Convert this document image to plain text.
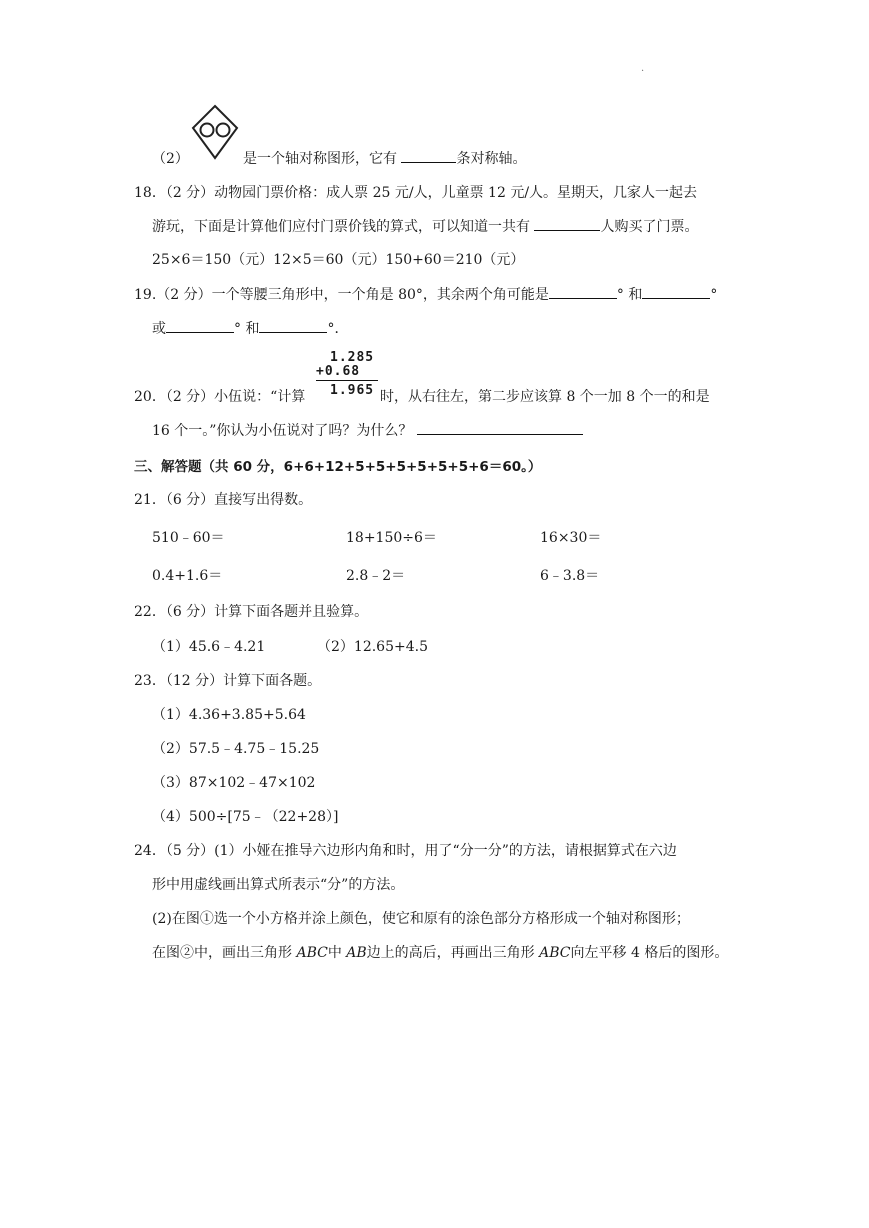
·
（2）	是一个轴对称图形，它有	条对称轴。
18．（2 分）动物园门票价格：成人票 25 元/人，儿童票 12 元/人。星期天，几家人一起去
游玩，下面是计算他们应付门票价钱的算式，可以知道一共有	人购买了门票。
25×6＝150（元）12×5＝60（元）150+60＝210（元）
19.（2 分）一个等腰三角形中，一个角是 80°，其余两个角可能是	° 和	°
或	° 和	°．
1.285
+0.68
1.965
20．（2 分）小伍说：“计算	时，从右往左，第二步应该算 8 个一加 8 个一的和是
16 个一。”你认为小伍说对了吗？为什么？
三、解答题（共 60 分，6+6+12+5+5+5+5+5+5+6＝60。）
21．（6 分）直接写出得数。
510﹣60＝	18+150÷6＝	16×30＝
0.4+1.6＝	2.8﹣2＝	6﹣3.8＝
22．（6 分）计算下面各题并且验算。
（1）45.6﹣4.21	（2）12.65+4.5
23．（12 分）计算下面各题。
（1）4.36+3.85+5.64
（2）57.5﹣4.75﹣15.25
（3）87×102﹣47×102
（4）500÷[75﹣（22+28）]
24．（5 分）(1）小娅在推导六边形内角和时，用了“分一分”的方法，请根据算式在六边
形中用虚线画出算式所表示“分”的方法。
(2)在图①选一个小方格并涂上颜色，使它和原有的涂色部分方格形成一个轴对称图形；
在图②中，画出三角形 ABC中 AB边上的高后，再画出三角形 ABC向左平移 4 格后的图形。
